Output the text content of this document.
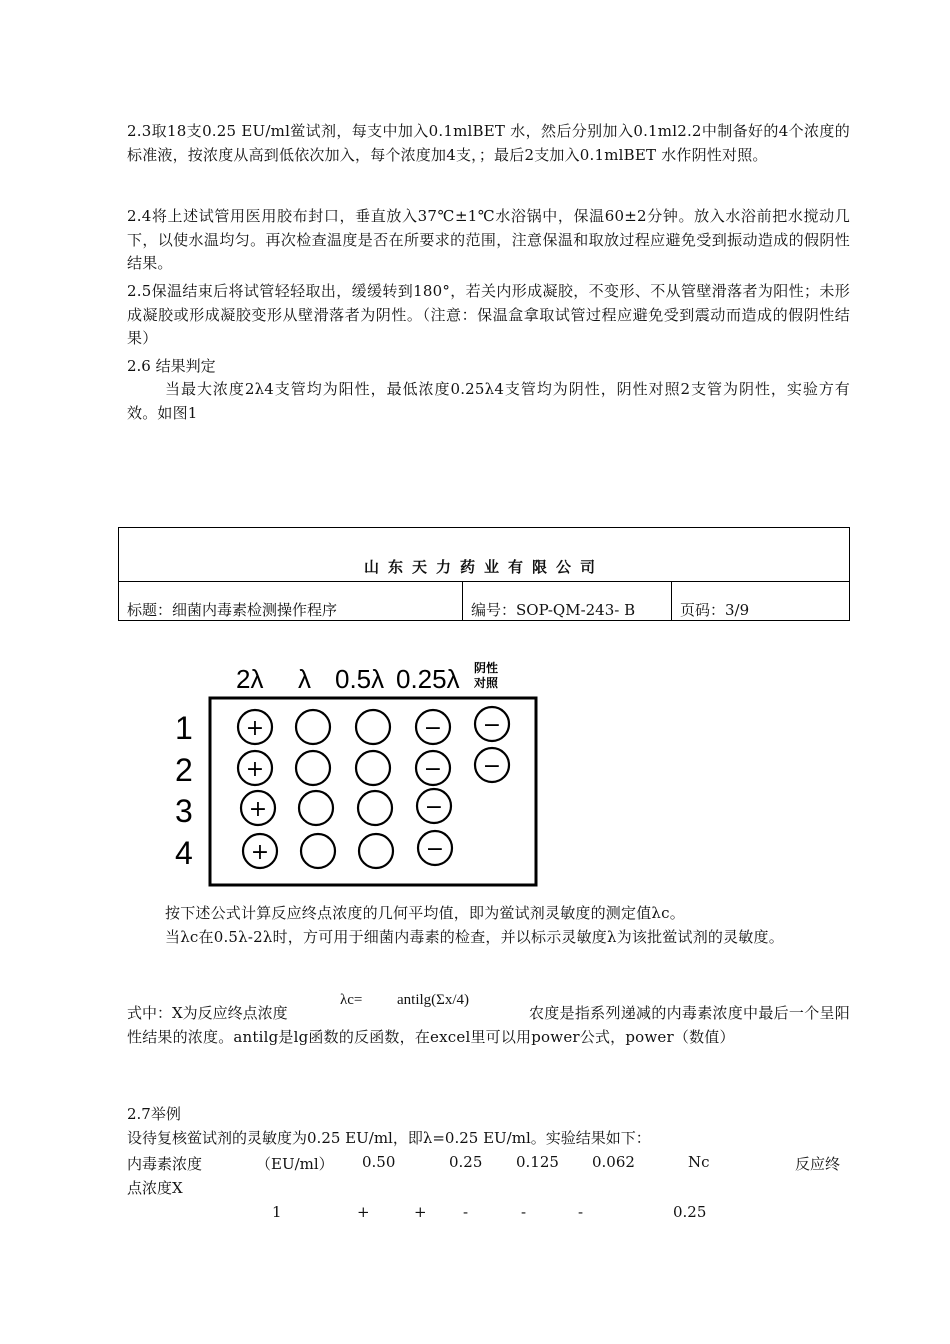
2.3取18支0.25 EU/ml鲎试剂，每支中加入0.1mlBET 水，然后分别加入0.1ml2.2中制备好的4个浓度的标准液，按浓度从高到低依次加入，每个浓度加4支，；最后2支加入0.1mlBET 水作阴性对照。
2.4将上述试管用医用胶布封口，垂直放入37℃±1℃水浴锅中，保温60±2分钟。放入水浴前把水搅动几下，以使水温均匀。再次检查温度是否在所要求的范围，注意保温和取放过程应避免受到振动造成的假阴性结果。
2.5保温结束后将试管轻轻取出，缓缓转到180°，若关内形成凝胶，不变形、不从管壁滑落者为阳性；未形成凝胶或形成凝胶变形从壁滑落者为阴性。（注意：保温盒拿取试管过程应避免受到震动而造成的假阴性结果）
2.6 结果判定
当最大浓度2λ4支管均为阳性，最低浓度0.25λ4支管均为阴性，阴性对照2支管为阴性，实验方有效。如图1
山东天力药业有限公司
标题：细菌内毒素检测操作程序	编号：SOP-QM-243- B	页码：3/9
2λ λ 0.5λ 0.25λ 阴性
对照
1
2
3
4
+
+
+
+
−
−
−
−
−
−
按下述公式计算反应终点浓度的几何平均值，即为鲎试剂灵敏度的测定值λc。
当λc在0.5λ-2λ时，方可用于细菌内毒素的检查，并以标示灵敏度λ为该批鲎试剂的灵敏度。
式中：X为反应终点浓度
λc= antilg(Σx/4)
农度是指系列递减的内毒素浓度中最后一个呈阳性结果的浓度。antilg是lg函数的反函数，在excel里可以用power公式，power（数值）
2.7举例
设待复核鲎试剂的灵敏度为0.25 EU/ml，即λ=0.25 EU/ml。实验结果如下：
内毒素浓度	（EU/ml） 0.50	0.25 0.125 0.062	Nc	反应终
点浓度X
1	+	+ -	-	-	0.25
